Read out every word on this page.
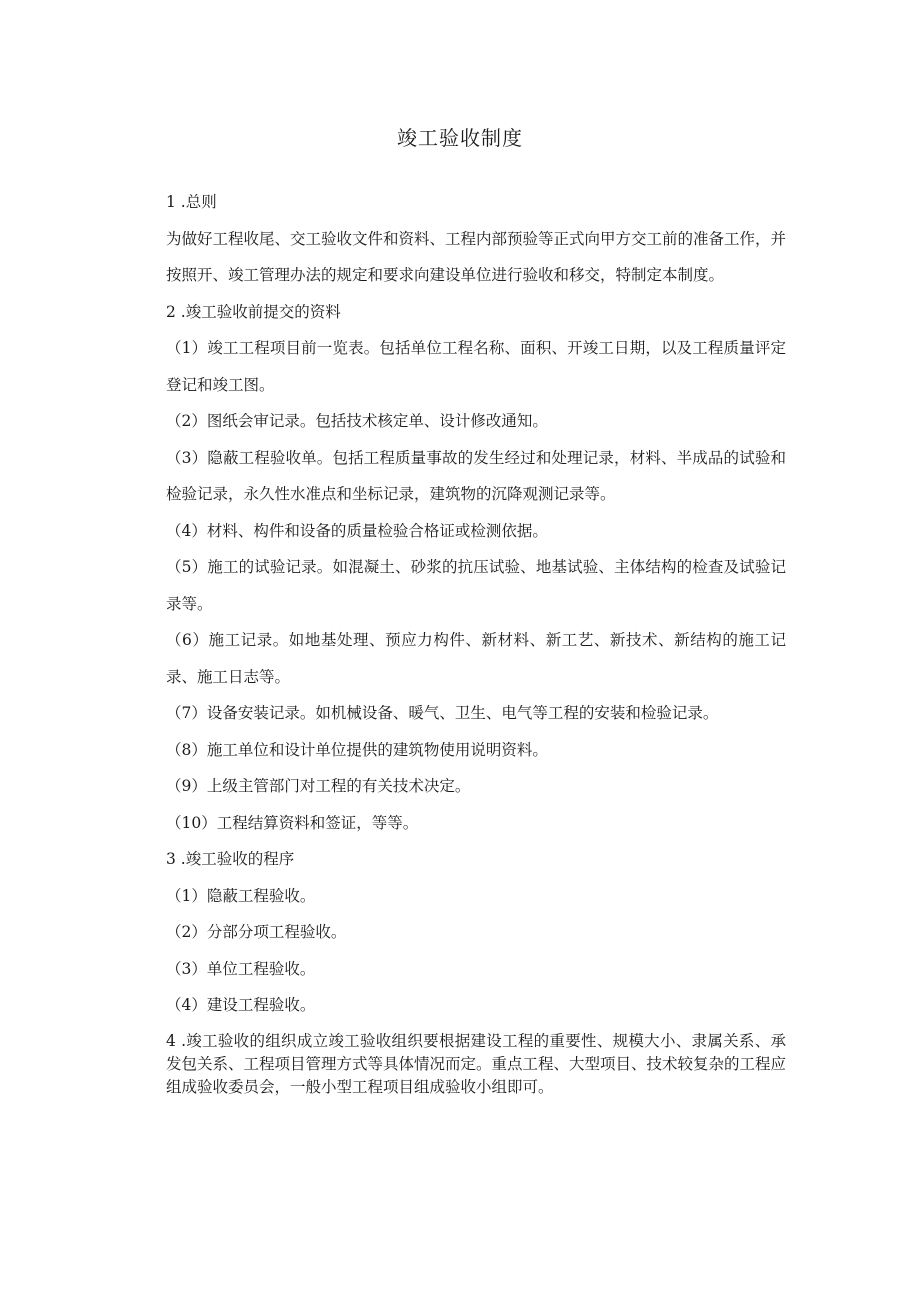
竣工验收制度

1 .总则

为做好工程收尾、交工验收文件和资料、工程内部预验等正式向甲方交工前的准备工作，并按照开、竣工管理办法的规定和要求向建设单位进行验收和移交，特制定本制度。

2 .竣工验收前提交的资料

（1）竣工工程项目前一览表。包括单位工程名称、面积、开竣工日期，以及工程质量评定登记和竣工图。

（2）图纸会审记录。包括技术核定单、设计修改通知。

（3）隐蔽工程验收单。包括工程质量事故的发生经过和处理记录，材料、半成品的试验和检验记录，永久性水准点和坐标记录，建筑物的沉降观测记录等。

（4）材料、构件和设备的质量检验合格证或检测依据。

（5）施工的试验记录。如混凝土、砂浆的抗压试验、地基试验、主体结构的检查及试验记录等。

（6）施工记录。如地基处理、预应力构件、新材料、新工艺、新技术、新结构的施工记录、施工日志等。

（7）设备安装记录。如机械设备、暖气、卫生、电气等工程的安装和检验记录。

（8）施工单位和设计单位提供的建筑物使用说明资料。

（9）上级主管部门对工程的有关技术决定。

（10）工程结算资料和签证，等等。

3 .竣工验收的程序

（1）隐蔽工程验收。

（2）分部分项工程验收。

（3）单位工程验收。

（4）建设工程验收。

4 .竣工验收的组织成立竣工验收组织要根据建设工程的重要性、规模大小、隶属关系、承发包关系、工程项目管理方式等具体情况而定。重点工程、大型项目、技术较复杂的工程应组成验收委员会，一般小型工程项目组成验收小组即可。
